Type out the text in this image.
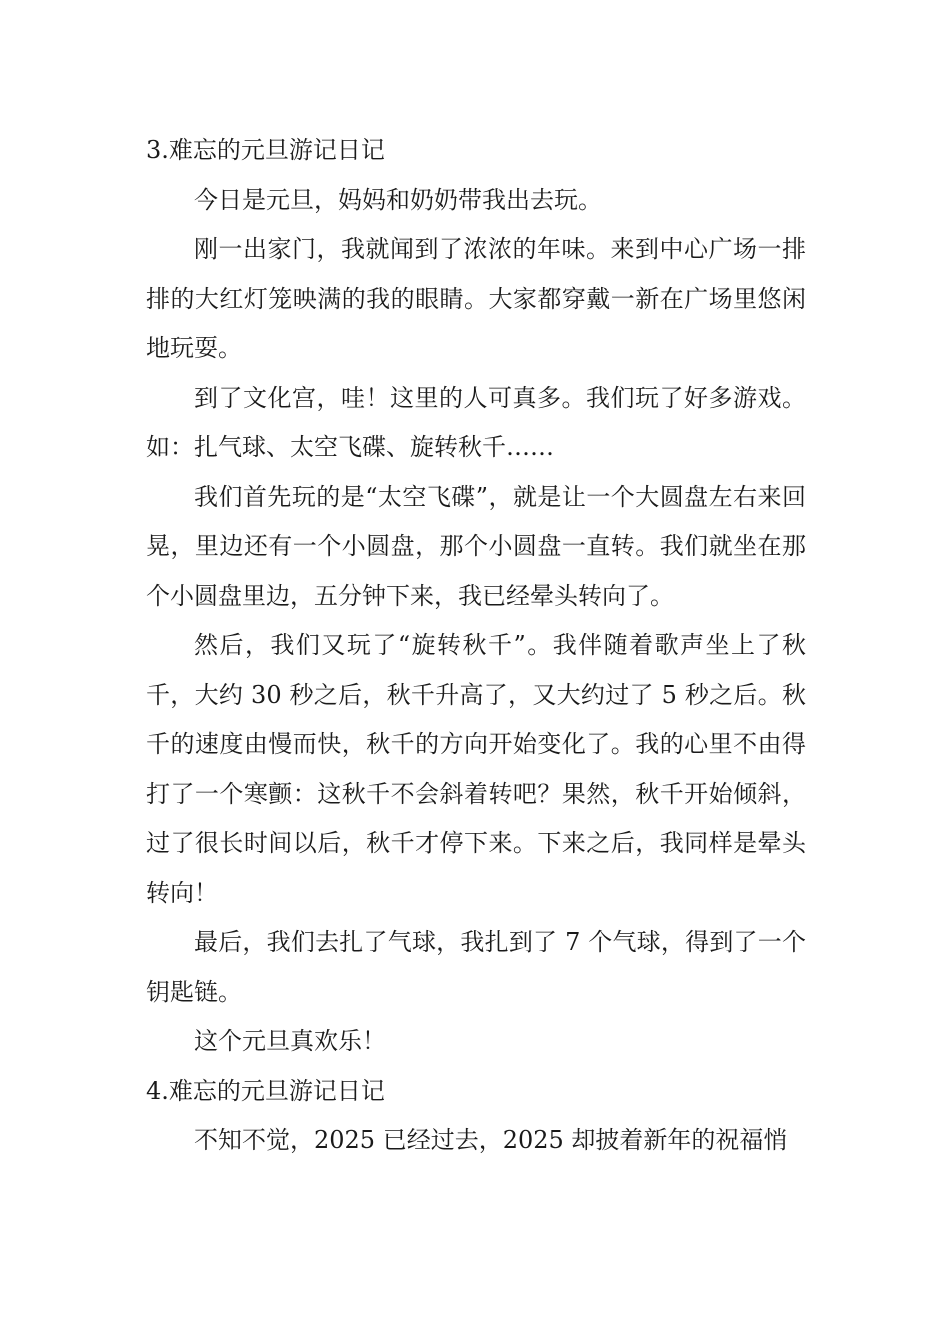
3.难忘的元旦游记日记

今日是元旦，妈妈和奶奶带我出去玩。

刚一出家门，我就闻到了浓浓的年味。来到中心广场一排排的大红灯笼映满的我的眼睛。大家都穿戴一新在广场里悠闲地玩耍。

到了文化宫，哇！这里的人可真多。我们玩了好多游戏。如：扎气球、太空飞碟、旋转秋千……

我们首先玩的是“太空飞碟”，就是让一个大圆盘左右来回晃，里边还有一个小圆盘，那个小圆盘一直转。我们就坐在那个小圆盘里边，五分钟下来，我已经晕头转向了。

然后，我们又玩了“旋转秋千”。我伴随着歌声坐上了秋千，大约 30 秒之后，秋千升高了，又大约过了 5 秒之后。秋千的速度由慢而快，秋千的方向开始变化了。我的心里不由得打了一个寒颤：这秋千不会斜着转吧？果然，秋千开始倾斜，过了很长时间以后，秋千才停下来。下来之后，我同样是晕头转向！

最后，我们去扎了气球，我扎到了 7 个气球，得到了一个钥匙链。

这个元旦真欢乐！

4.难忘的元旦游记日记

不知不觉，2025 已经过去，2025 却披着新年的祝福悄
